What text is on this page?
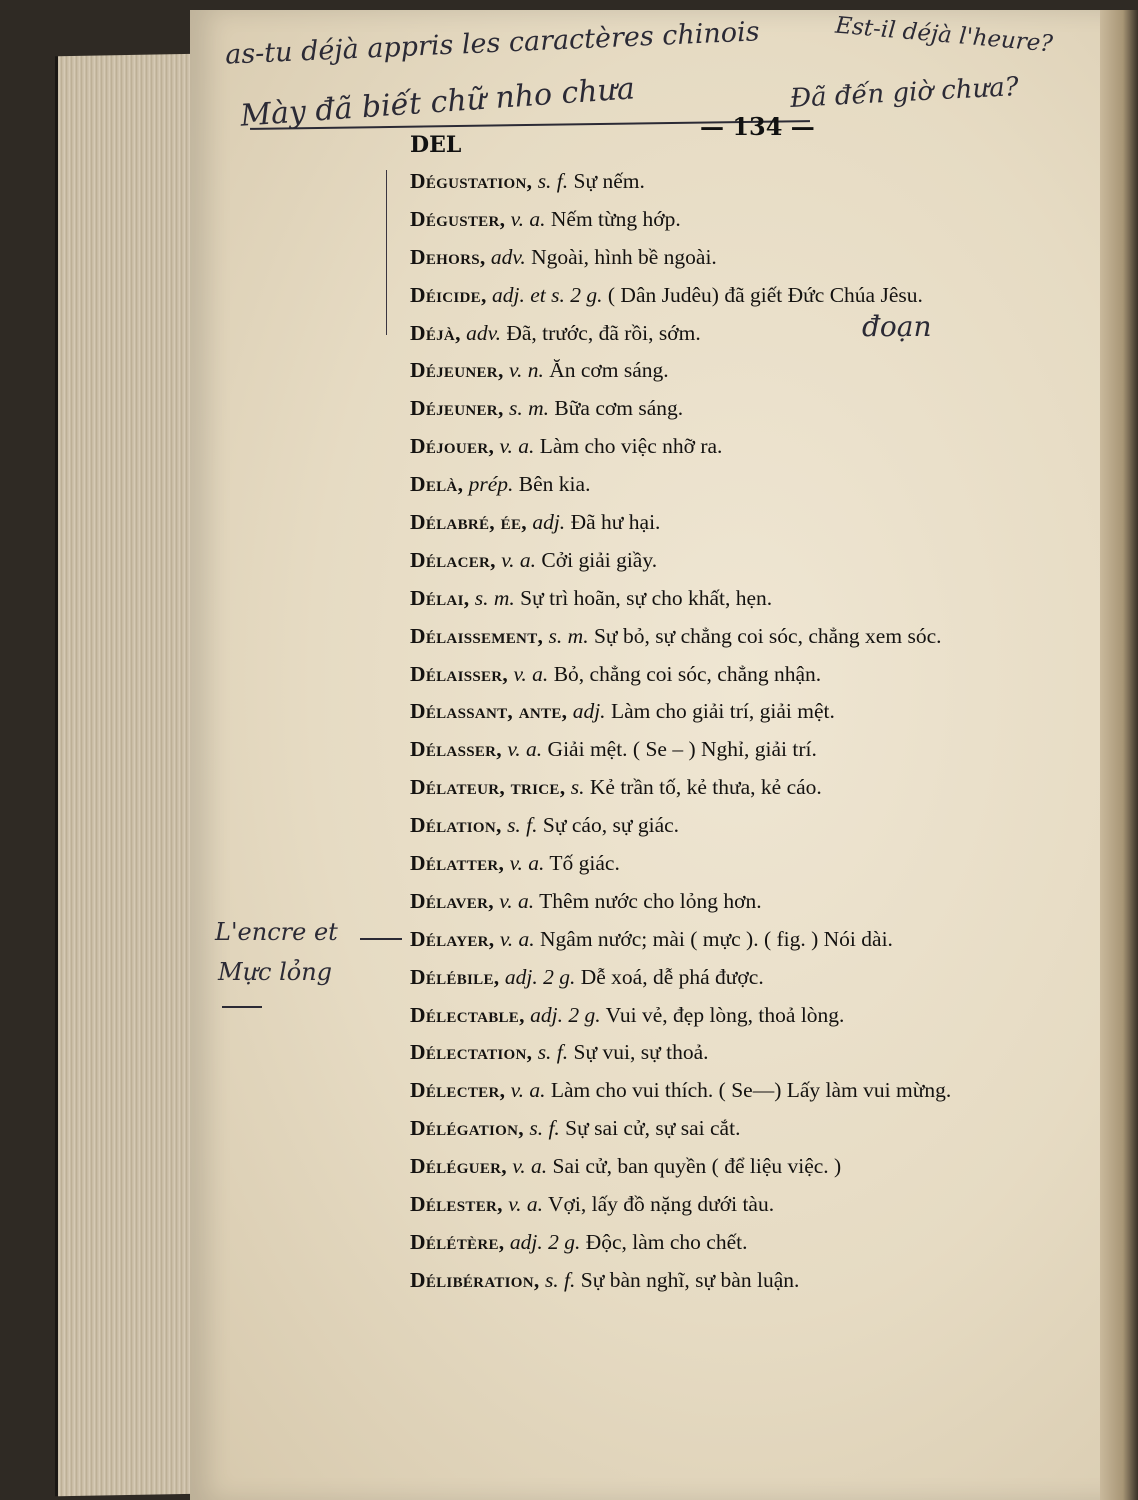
as-tu déjà appris les caractères chinois	Est-il déjà l'heure?
Mày đã biết chữ nho chưa	Đã đến giờ chưa?
DEL
— 134 —
đoạn
L'encre et
Mực lỏng
Dégustation, s. f. Sự nếm.
Déguster, v. a. Nếm từng hớp.
Dehors, adv. Ngoài, hình bề ngoài.
Déicide, adj. et s. 2 g. ( Dân Judêu) đã giết Đức Chúa Jêsu.
Déjà, adv. Đã, trước, đã rồi, sớm.
Déjeuner, v. n. Ăn cơm sáng.
Déjeuner, s. m. Bữa cơm sáng.
Déjouer, v. a. Làm cho việc nhỡ ra.
Delà, prép. Bên kia.
Délabré, ée, adj. Đã hư hại.
Délacer, v. a. Cởi giải giầy.
Délai, s. m. Sự trì hoãn, sự cho khất, hẹn.
Délaissement, s. m. Sự bỏ, sự chẳng coi sóc, chẳng xem sóc.
Délaisser, v. a. Bỏ, chẳng coi sóc, chẳng nhận.
Délassant, ante, adj. Làm cho giải trí, giải mệt.
Délasser, v. a. Giải mệt. ( Se – ) Nghỉ, giải trí.
Délateur, trice, s. Kẻ trần tố, kẻ thưa, kẻ cáo.
Délation, s. f. Sự cáo, sự giác.
Délatter, v. a. Tố giác.
Délaver, v. a. Thêm nước cho lỏng hơn.
Délayer, v. a. Ngâm nước; mài ( mực ). ( fig. ) Nói dài.
Délébile, adj. 2 g. Dễ xoá, dễ phá được.
Délectable, adj. 2 g. Vui vẻ, đẹp lòng, thoả lòng.
Délectation, s. f. Sự vui, sự thoả.
Délecter, v. a. Làm cho vui thích. ( Se—) Lấy làm vui mừng.
Délégation, s. f. Sự sai cử, sự sai cắt.
Déléguer, v. a. Sai cử, ban quyền ( để liệu việc. )
Délester, v. a. Vợi, lấy đồ nặng dưới tàu.
Délétère, adj. 2 g. Độc, làm cho chết.
Délibération, s. f. Sự bàn nghĩ, sự bàn luận.
